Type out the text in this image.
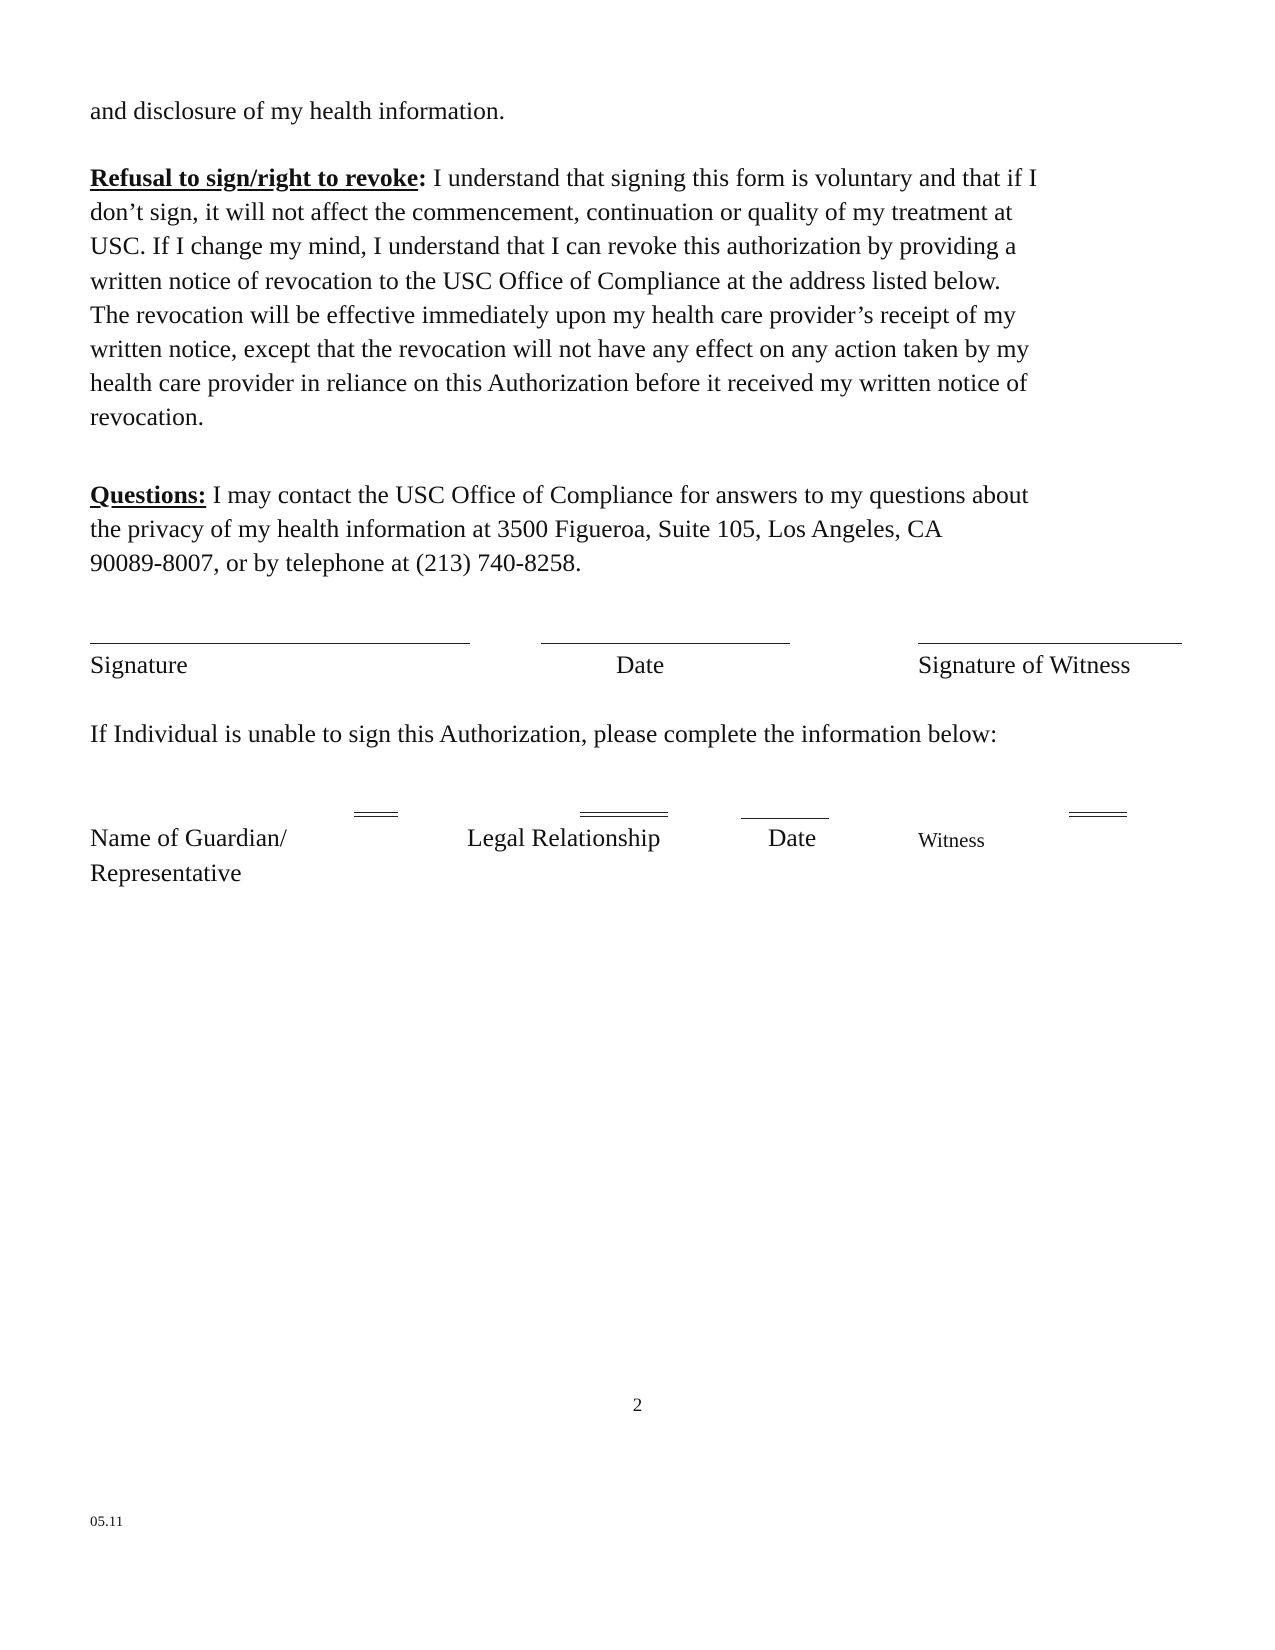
and disclosure of my health information.
Refusal to sign/right to revoke: I understand that signing this form is voluntary and that if I
don’t sign, it will not affect the commencement, continuation or quality of my treatment at
USC. If I change my mind, I understand that I can revoke this authorization by providing a
written notice of revocation to the USC Office of Compliance at the address listed below.
The revocation will be effective immediately upon my health care provider’s receipt of my
written notice, except that the revocation will not have any effect on any action taken by my
health care provider in reliance on this Authorization before it received my written notice of
revocation.
Questions: I may contact the USC Office of Compliance for answers to my questions about
the privacy of my health information at 3500 Figueroa, Suite 105, Los Angeles, CA
90089-8007, or by telephone at (213) 740-8258.
Signature	Date	Signature of Witness
If Individual is unable to sign this Authorization, please complete the information below:
Name of Guardian/
Representative
Legal Relationship	Date	Witness
2
05.11
